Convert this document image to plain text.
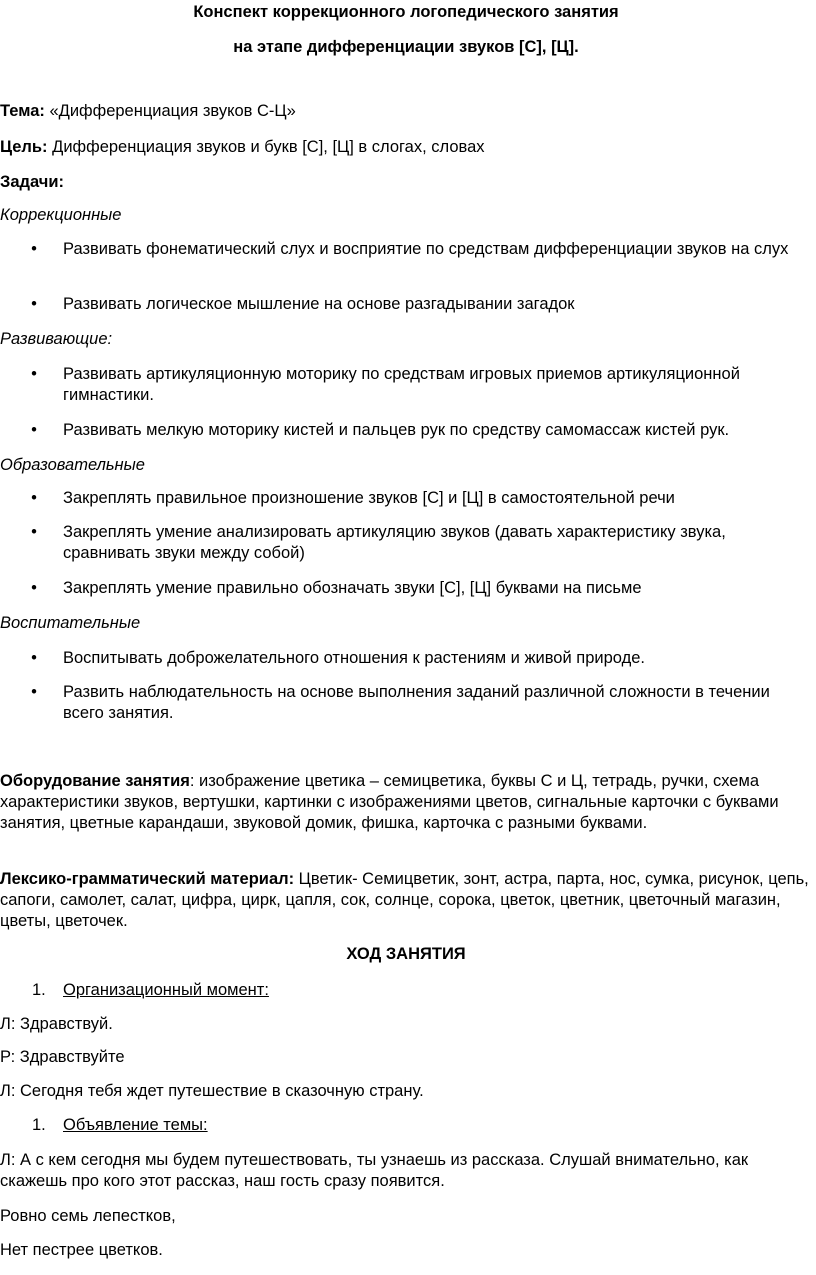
Конспект коррекционного логопедического занятия

на этапе дифференциации звуков [С], [Ц].

Тема: «Дифференциация звуков С-Ц»

Цель: Дифференциация звуков и букв [С], [Ц] в слогах, словах

Задачи:

Коррекционные

• Развивать фонематический слух и восприятие по средствам дифференциации звуков на слух
• Развивать логическое мышление на основе разгадывании загадок

Развивающие:

• Развивать артикуляционную моторику по средствам игровых приемов артикуляционной гимнастики.
• Развивать мелкую моторику кистей и пальцев рук по средству самомассаж кистей рук.

Образовательные

• Закреплять правильное произношение звуков [С] и [Ц] в самостоятельной речи
• Закреплять умение анализировать артикуляцию звуков (давать характеристику звука, сравнивать звуки между собой)
• Закреплять умение правильно обозначать звуки [С], [Ц] буквами на письме

Воспитательные

• Воспитывать доброжелательного отношения к растениям и живой природе.
• Развить наблюдательность на основе выполнения заданий различной сложности в течении всего занятия.

Оборудование занятия: изображение цветика – семицветика, буквы С и Ц, тетрадь, ручки, схема характеристики звуков, вертушки, картинки с изображениями цветов, сигнальные карточки с буквами занятия, цветные карандаши, звуковой домик, фишка, карточка с разными буквами.

Лексико-грамматический материал: Цветик- Семицветик, зонт, астра, парта, нос, сумка, рисунок, цепь, сапоги, самолет, салат, цифра, цирк, цапля, сок, солнце, сорока, цветок, цветник, цветочный магазин, цветы, цветочек.

ХОД ЗАНЯТИЯ

1. Организационный момент:

Л: Здравствуй.

Р: Здравствуйте

Л: Сегодня тебя ждет путешествие в сказочную страну.

1. Объявление темы:

Л: А с кем сегодня мы будем путешествовать, ты узнаешь из рассказа. Слушай внимательно, как скажешь про кого этот рассказ, наш гость сразу появится.

Ровно семь лепестков,

Нет пестрее цветков.
